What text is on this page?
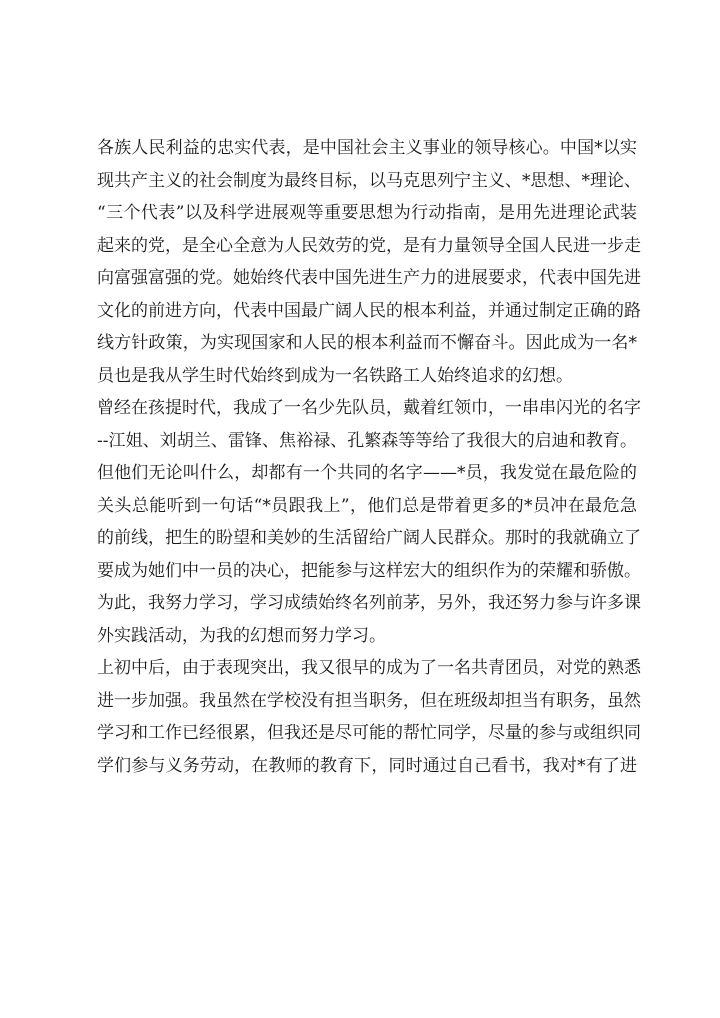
各族人民利益的忠实代表，是中国社会主义事业的领导核心。中国*以实
现共产主义的社会制度为最终目标，以马克思列宁主义、*思想、*理论、
“三个代表”以及科学进展观等重要思想为行动指南，是用先进理论武装
起来的党，是全心全意为人民效劳的党，是有力量领导全国人民进一步走
向富强富强的党。她始终代表中国先进生产力的进展要求，代表中国先进
文化的前进方向，代表中国最广阔人民的根本利益，并通过制定正确的路
线方针政策，为实现国家和人民的根本利益而不懈奋斗。因此成为一名*
员也是我从学生时代始终到成为一名铁路工人始终追求的幻想。
曾经在孩提时代，我成了一名少先队员，戴着红领巾，一串串闪光的名字
--江姐、刘胡兰、雷锋、焦裕禄、孔繁森等等给了我很大的启迪和教育。
但他们无论叫什么，却都有一个共同的名字——*员，我发觉在最危险的
关头总能听到一句话“*员跟我上”，他们总是带着更多的*员冲在最危急
的前线，把生的盼望和美妙的生活留给广阔人民群众。那时的我就确立了
要成为她们中一员的决心，把能参与这样宏大的组织作为的荣耀和骄傲。
为此，我努力学习，学习成绩始终名列前茅，另外，我还努力参与许多课
外实践活动，为我的幻想而努力学习。
上初中后，由于表现突出，我又很早的成为了一名共青团员，对党的熟悉
进一步加强。我虽然在学校没有担当职务，但在班级却担当有职务，虽然
学习和工作已经很累，但我还是尽可能的帮忙同学，尽量的参与或组织同
学们参与义务劳动，在教师的教育下，同时通过自己看书，我对*有了进
